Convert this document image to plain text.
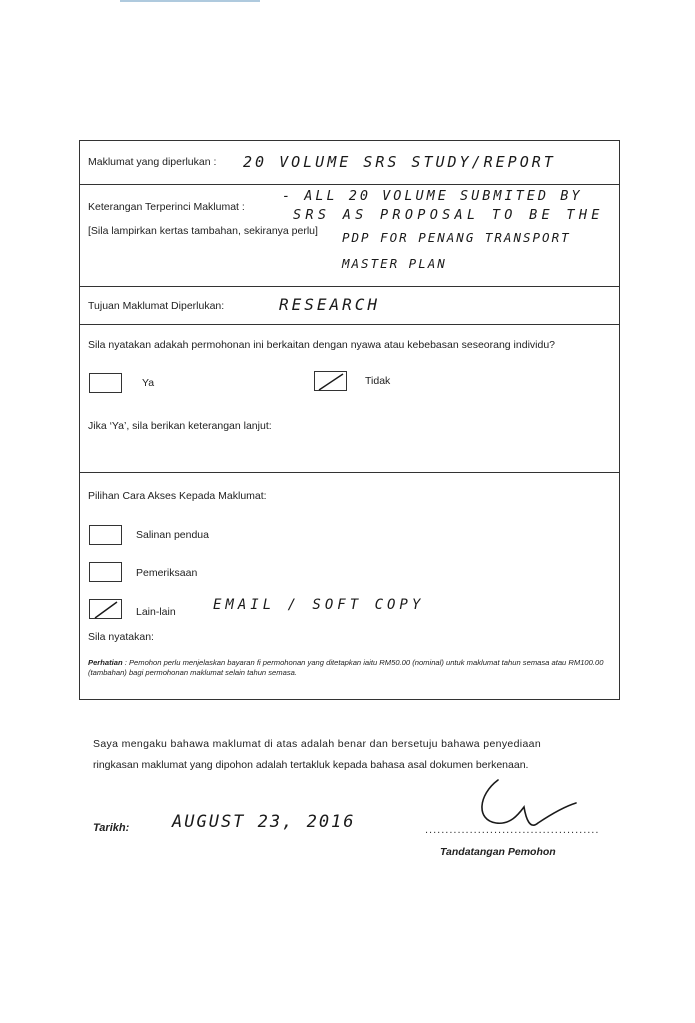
Maklumat yang diperlukan : 20 VOLUME SRS STUDY/REPORT
Keterangan Terperinci Maklumat :
[Sila lampirkan kertas tambahan, sekiranya perlu]
- ALL 20 VOLUME SUBMITED BY
SRS AS PROPOSAL TO BE THE
PDP FOR PENANG TRANSPORT
MASTER PLAN
Tujuan Maklumat Diperlukan:	RESEARCH
Sila nyatakan adakah permohonan ini berkaitan dengan nyawa atau kebebasan seseorang individu?
Ya	Tidak
Jika ‘Ya’, sila berikan keterangan lanjut:
Pilihan Cara Akses Kepada Maklumat:
Salinan pendua
Pemeriksaan
Lain-lain	EMAIL / SOFT COPY
Sila nyatakan:
Perhatian : Pemohon perlu menjelaskan bayaran fi permohonan yang ditetapkan iaitu RM50.00 (nominal) untuk maklumat tahun semasa atau RM100.00 (tambahan) bagi permohonan maklumat selain tahun semasa.
Saya mengaku bahawa maklumat di atas adalah benar dan bersetuju bahawa penyediaan
ringkasan maklumat yang dipohon adalah tertakluk kepada bahasa asal dokumen berkenaan.
Tarikh:	AUGUST 23, 2016	...........................................
Tandatangan Pemohon
